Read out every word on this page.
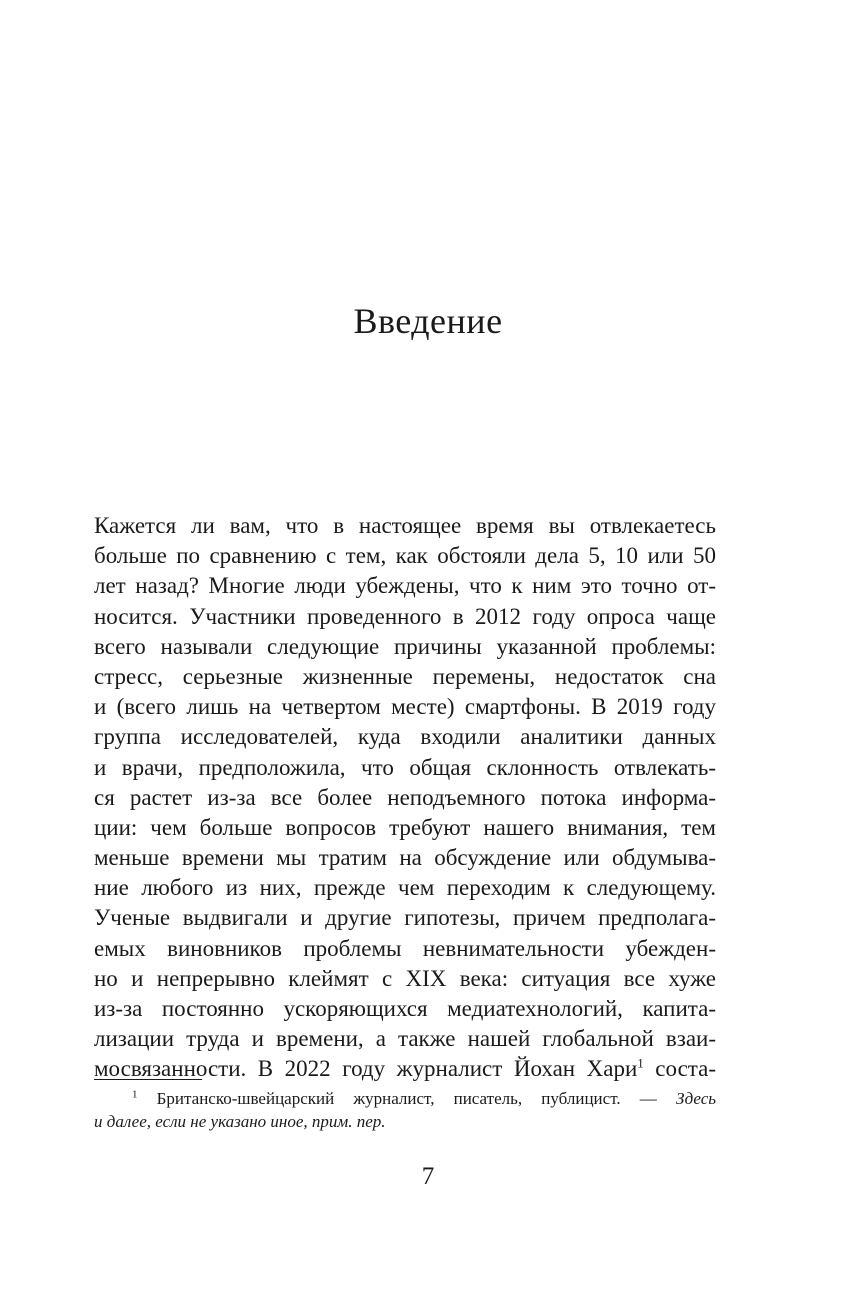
Введение
Кажется ли вам, что в настоящее время вы отвлекаетесь
больше по сравнению с тем, как обстояли дела 5, 10 или 50
лет назад? Многие люди убеждены, что к ним это точно от-
носится. Участники проведенного в 2012 году опроса чаще
всего называли следующие причины указанной проблемы:
стресс, серьезные жизненные перемены, недостаток сна
и (всего лишь на четвертом месте) смартфоны. В 2019 году
группа исследователей, куда входили аналитики данных
и врачи, предположила, что общая склонность отвлекать-
ся растет из-за все более неподъемного потока информа-
ции: чем больше вопросов требуют нашего внимания, тем
меньше времени мы тратим на обсуждение или обдумыва-
ние любого из них, прежде чем переходим к следующему.
Ученые выдвигали и другие гипотезы, причем предполага-
емых виновников проблемы невнимательности убежден-
но и непрерывно клеймят с XIX века: ситуация все хуже
из-за постоянно ускоряющихся медиатехнологий, капита-
лизации труда и времени, а также нашей глобальной взаи-
мосвязанности. В 2022 году журналист Йохан Хари$^1$ соста-
$^1$ Британско-швейцарский журналист, писатель, публицист. — Здесь
и далее, если не указано иное, прим. пер.
7
